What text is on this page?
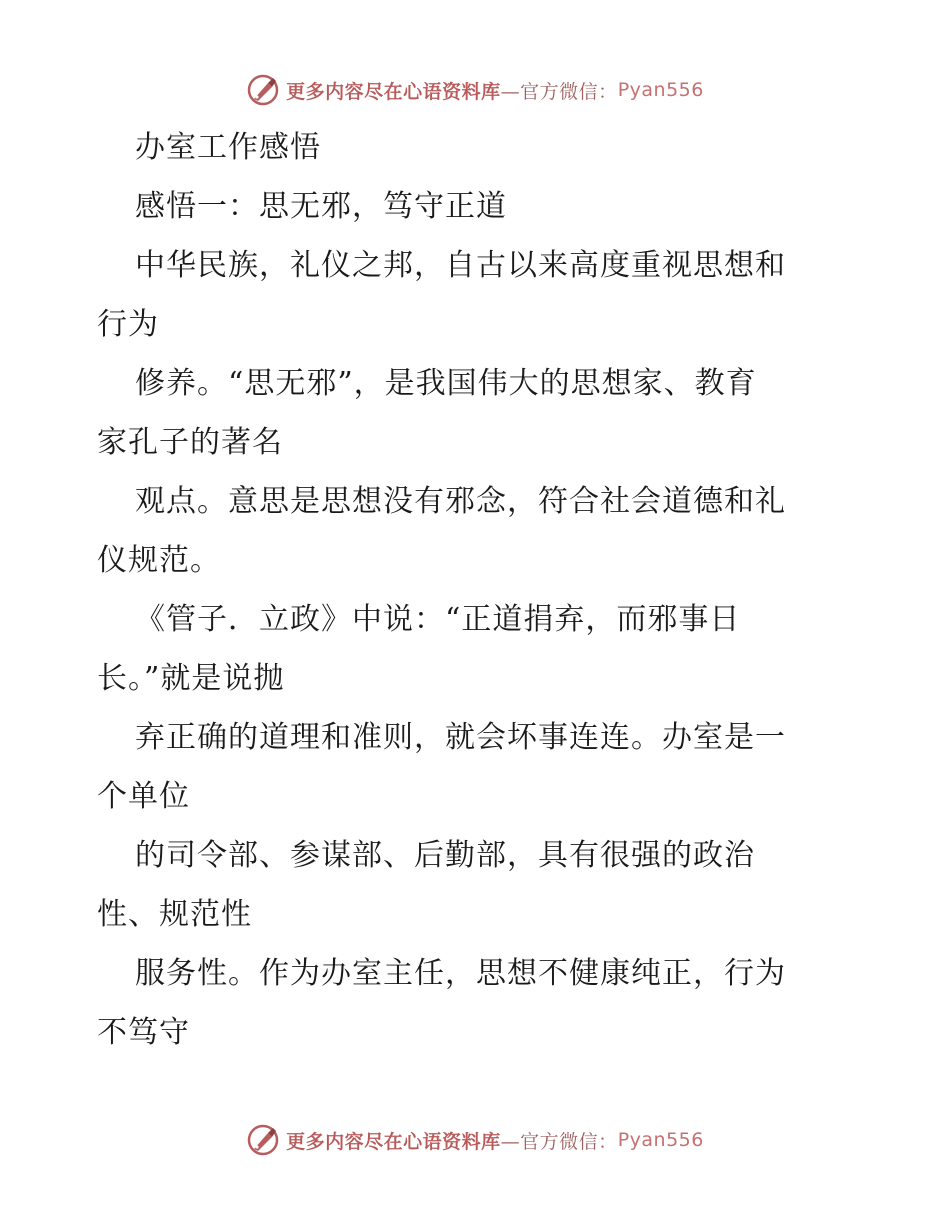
更多内容尽在心语资料库 —官方微信： Pyan556
办室工作感悟
感悟一：思无邪，笃守正道
中华民族，礼仪之邦，自古以来高度重视思想和
行为
修养。“思无邪”，是我国伟大的思想家、教育
家孔子的著名
观点。意思是思想没有邪念，符合社会道德和礼
仪规范。
《管子．立政》中说：“正道捐弃，而邪事日
长。”就是说抛
弃正确的道理和准则，就会坏事连连。办室是一
个单位
的司令部、参谋部、后勤部，具有很强的政治
性、规范性
服务性。作为办室主任，思想不健康纯正，行为
不笃守
更多内容尽在心语资料库 —官方微信： Pyan556
